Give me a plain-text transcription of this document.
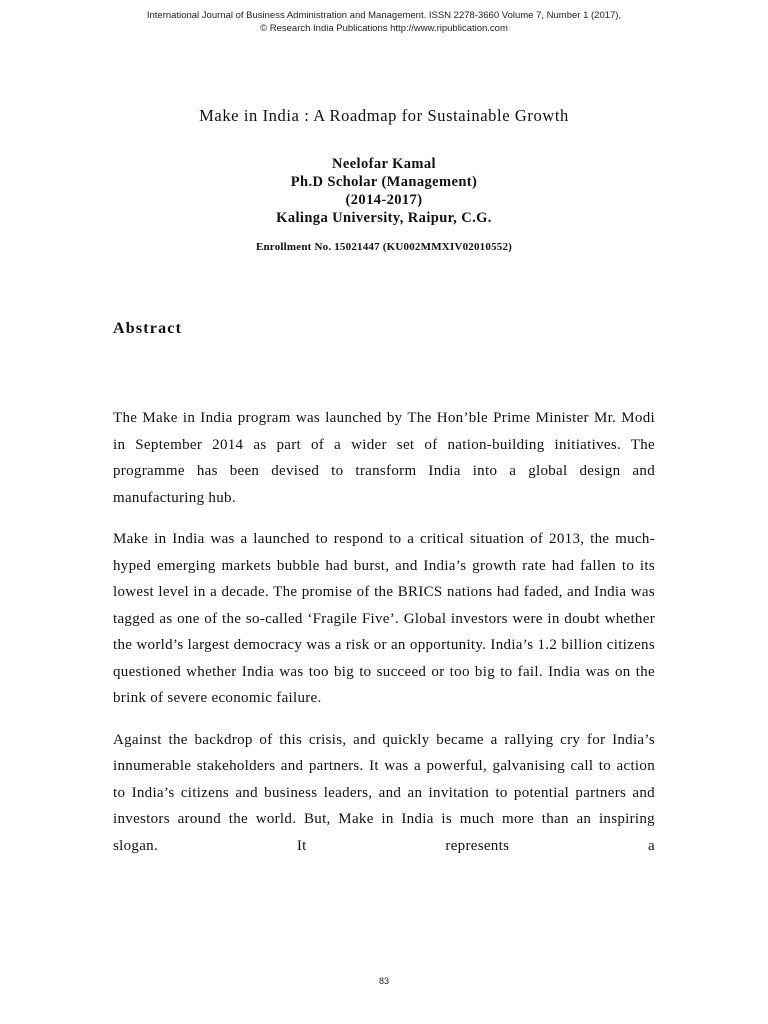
International Journal of Business Administration and Management. ISSN 2278-3660 Volume 7, Number 1 (2017),
© Research India Publications http://www.ripublication.com
Make in India : A Roadmap for Sustainable Growth
Neelofar Kamal
Ph.D Scholar (Management)
(2014-2017)
Kalinga University, Raipur, C.G.
Enrollment No. 15021447 (KU002MMXIV02010552)
Abstract

The Make in India program was launched by The Hon’ble Prime Minister Mr. Modi in September 2014 as part of a wider set of nation-building initiatives. The programme has been devised to transform India into a global design and manufacturing hub.

Make in India was a launched to respond to a critical situation of 2013, the much-hyped emerging markets bubble had burst, and India’s growth rate had fallen to its lowest level in a decade. The promise of the BRICS nations had faded, and India was tagged as one of the so-called ‘Fragile Five’. Global investors were in doubt whether the world’s largest democracy was a risk or an opportunity. India’s 1.2 billion citizens questioned whether India was too big to succeed or too big to fail. India was on the brink of severe economic failure.

Against the backdrop of this crisis, and quickly became a rallying cry for India’s innumerable stakeholders and partners. It was a powerful, galvanising call to action to India’s citizens and business leaders, and an invitation to potential partners and investors around the world. But, Make in India is much more than an inspiring slogan. It represents a

83
